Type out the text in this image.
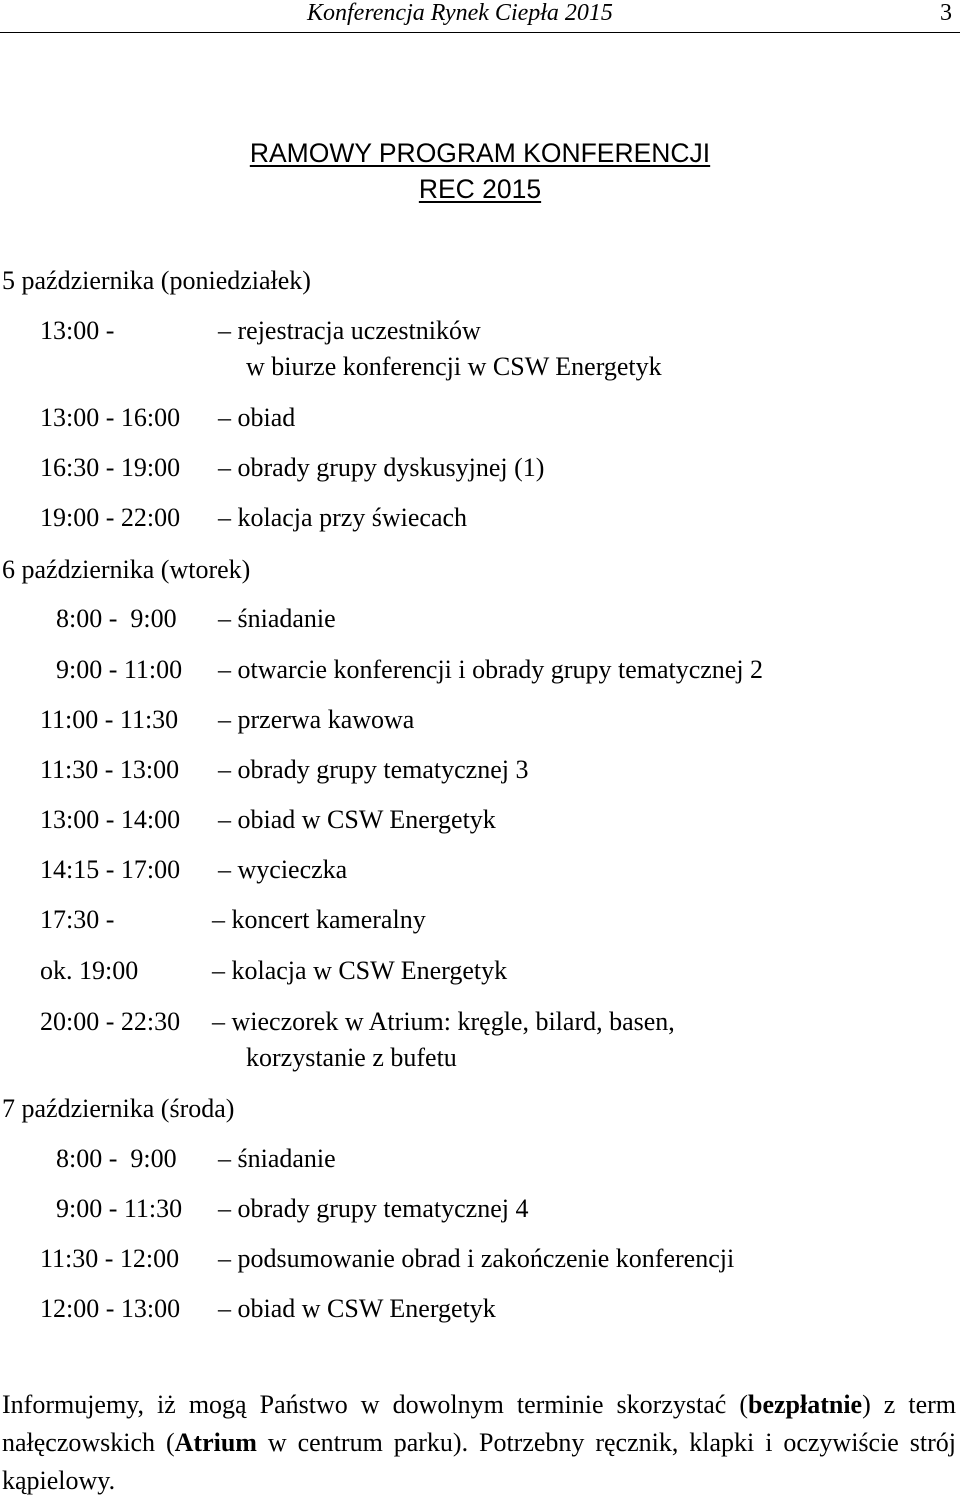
Konferencja Rynek Ciepła 2015	3
RAMOWY PROGRAM KONFERENCJI
REC 2015
5 października (poniedziałek)
13:00 -	– rejestracja uczestników
w biurze konferencji w CSW Energetyk
13:00 - 16:00 – obiad
16:30 - 19:00 – obrady grupy dyskusyjnej (1)
19:00 - 22:00 – kolacja przy świecach
6 października (wtorek)
8:00 -  9:00 – śniadanie
9:00 - 11:00 – otwarcie konferencji i obrady grupy tematycznej 2
11:00 - 11:30 – przerwa kawowa
11:30 - 13:00 – obrady grupy tematycznej 3
13:00 - 14:00 – obiad w CSW Energetyk
14:15 - 17:00 – wycieczka
17:30 -	– koncert kameralny
ok. 19:00	– kolacja w CSW Energetyk
20:00 - 22:30 – wieczorek w Atrium: kręgle, bilard, basen,
korzystanie z bufetu
7 października (środa)
8:00 -  9:00 – śniadanie
9:00 - 11:30 – obrady grupy tematycznej 4
11:30 - 12:00 – podsumowanie obrad i zakończenie konferencji
12:00 - 13:00 – obiad w CSW Energetyk
Informujemy, iż mogą Państwo w dowolnym terminie skorzystać (bezpłatnie) z term nałęczowskich (Atrium w centrum parku). Potrzebny ręcznik, klapki i oczywiście strój kąpielowy.
